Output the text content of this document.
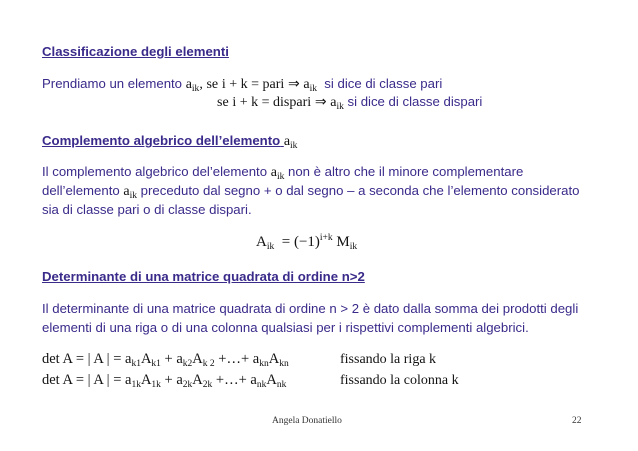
Classificazione degli elementi
Prendiamo un elemento $a_{ik}$, se i + k = pari ⇒ $a_{ik}$ si dice di classe pari
se i + k = dispari ⇒ $a_{ik}$ si dice di classe dispari
Complemento algebrico dell’elemento $a_{ik}$
Il complemento algebrico del’elemento $a_{ik}$ non è altro che il minore complementare
dell’elemento $a_{ik}$ preceduto dal segno + o dal segno – a seconda che l’elemento considerato
sia di classe pari o di classe dispari.
$A_{ik} = (-1)^{i+k}$ $M_{ik}$
Determinante di una matrice quadrata di ordine n>2
Il determinante di una matrice quadrata di ordine n > 2 è dato dalla somma dei prodotti degli
elementi di una riga o di una colonna qualsiasi per i rispettivi complementi algebrici.
det A = | A | = $a_{k1}A_{k1} + a_{k2}A_{k 2}$ +…+ $a_{kn}A_{kn}$	fissando la riga k
det A = | A | = $a_{1k}A_{1k} + a_{2k}A_{2k}$ +…+ $a_{nk}A_{nk}$	fissando la colonna k
Angela Donatiello	22
